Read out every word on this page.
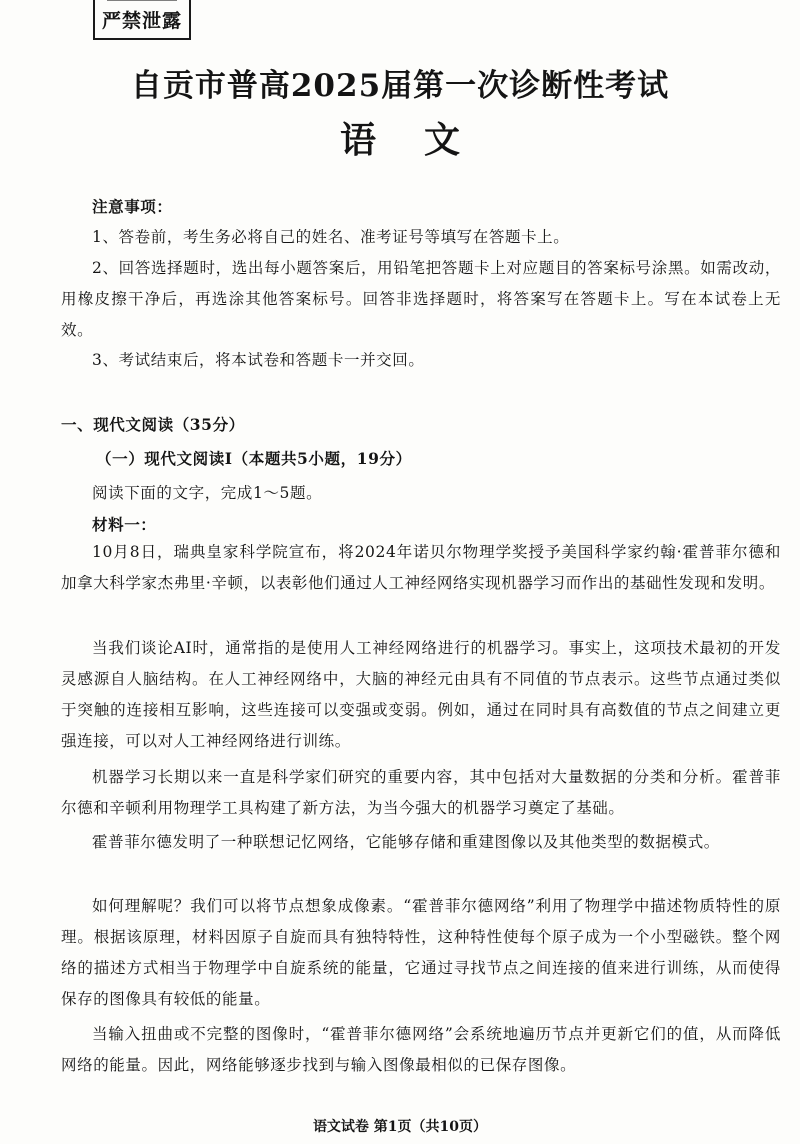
严禁泄露
自贡市普高2025届第一次诊断性考试
语文
注意事项：

1、答卷前，考生务必将自己的姓名、准考证号等填写在答题卡上。

2、回答选择题时，选出每小题答案后，用铅笔把答题卡上对应题目的答案标号涂黑。如需改动，用橡皮擦干净后，再选涂其他答案标号。回答非选择题时，将答案写在答题卡上。写在本试卷上无效。

3、考试结束后，将本试卷和答题卡一并交回。

一、现代文阅读（35分）
（一）现代文阅读Ⅰ（本题共5小题，19分）
阅读下面的文字，完成1～5题。
材料一：

10月8日，瑞典皇家科学院宣布，将2024年诺贝尔物理学奖授予美国科学家约翰·霍普菲尔德和加拿大科学家杰弗里·辛顿，以表彰他们通过人工神经网络实现机器学习而作出的基础性发现和发明。

当我们谈论AI时，通常指的是使用人工神经网络进行的机器学习。事实上，这项技术最初的开发灵感源自人脑结构。在人工神经网络中，大脑的神经元由具有不同值的节点表示。这些节点通过类似于突触的连接相互影响，这些连接可以变强或变弱。例如，通过在同时具有高数值的节点之间建立更强连接，可以对人工神经网络进行训练。

机器学习长期以来一直是科学家们研究的重要内容，其中包括对大量数据的分类和分析。霍普菲尔德和辛顿利用物理学工具构建了新方法，为当今强大的机器学习奠定了基础。

霍普菲尔德发明了一种联想记忆网络，它能够存储和重建图像以及其他类型的数据模式。

如何理解呢？我们可以将节点想象成像素。“霍普菲尔德网络”利用了物理学中描述物质特性的原理。根据该原理，材料因原子自旋而具有独特特性，这种特性使每个原子成为一个小型磁铁。整个网络的描述方式相当于物理学中自旋系统的能量，它通过寻找节点之间连接的值来进行训练，从而使得保存的图像具有较低的能量。

当输入扭曲或不完整的图像时，“霍普菲尔德网络”会系统地遍历节点并更新它们的值，从而降低网络的能量。因此，网络能够逐步找到与输入图像最相似的已保存图像。

语文试卷 第1页（共10页）
